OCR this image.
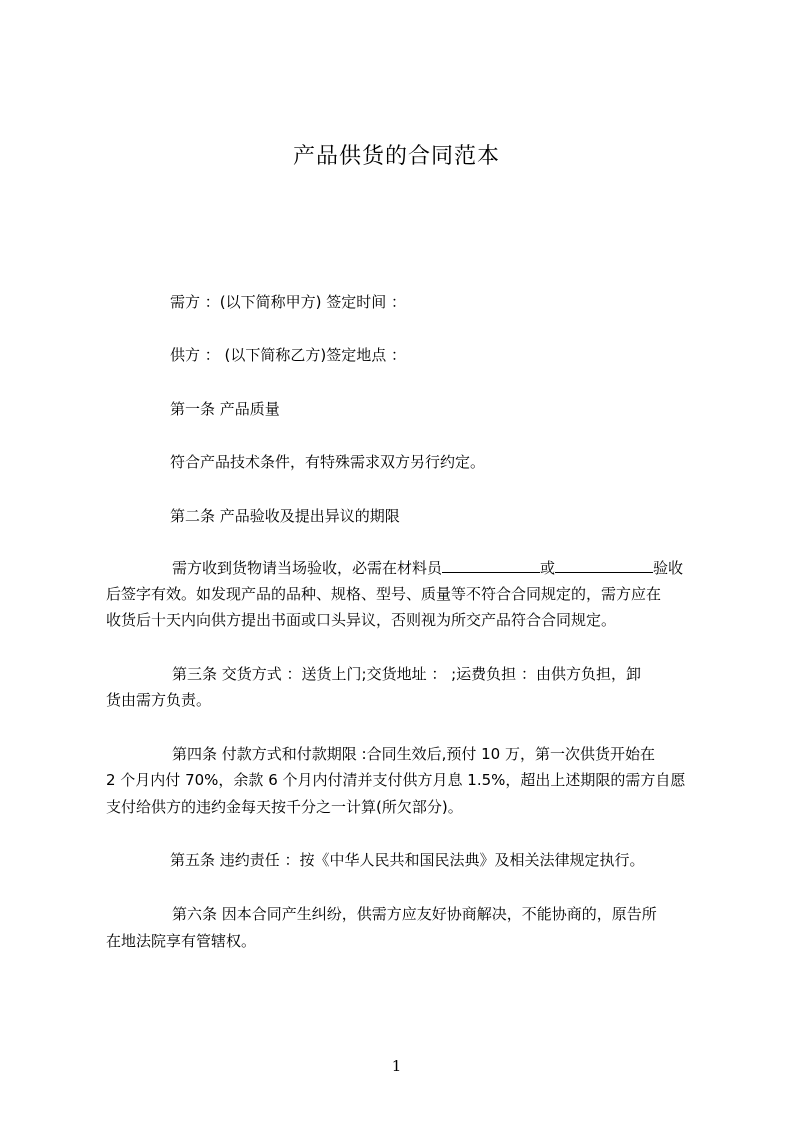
产品供货的合同范本
需方 ：(以下简称甲方) 签定时间 ：
供方 ： (以下简称乙方)签定地点 ：
第一条 产品质量
符合产品技术条件，有特殊需求双方另行约定。
第二条 产品验收及提出异议的期限
需方收到货物请当场验收，必需在材料员	或	验收
后签字有效。如发现产品的品种、规格、型号、质量等不符合合同规定的，需方应在
收货后十天内向供方提出书面或口头异议，否则视为所交产品符合合同规定。
第三条 交货方式 ：送货上门;交货地址 ： ;运费负担 ：由供方负担，卸
货由需方负责。
第四条 付款方式和付款期限 :合同生效后,预付 10 万，第一次供货开始在
2 个月内付 70%，余款 6 个月内付清并支付供方月息 1.5%，超出上述期限的需方自愿
支付给供方的违约金每天按千分之一计算(所欠部分)。
第五条 违约责任 ：按《中华人民共和国民法典》及相关法律规定执行。
第六条 因本合同产生纠纷，供需方应友好协商解决，不能协商的，原告所
在地法院享有管辖权。
1
